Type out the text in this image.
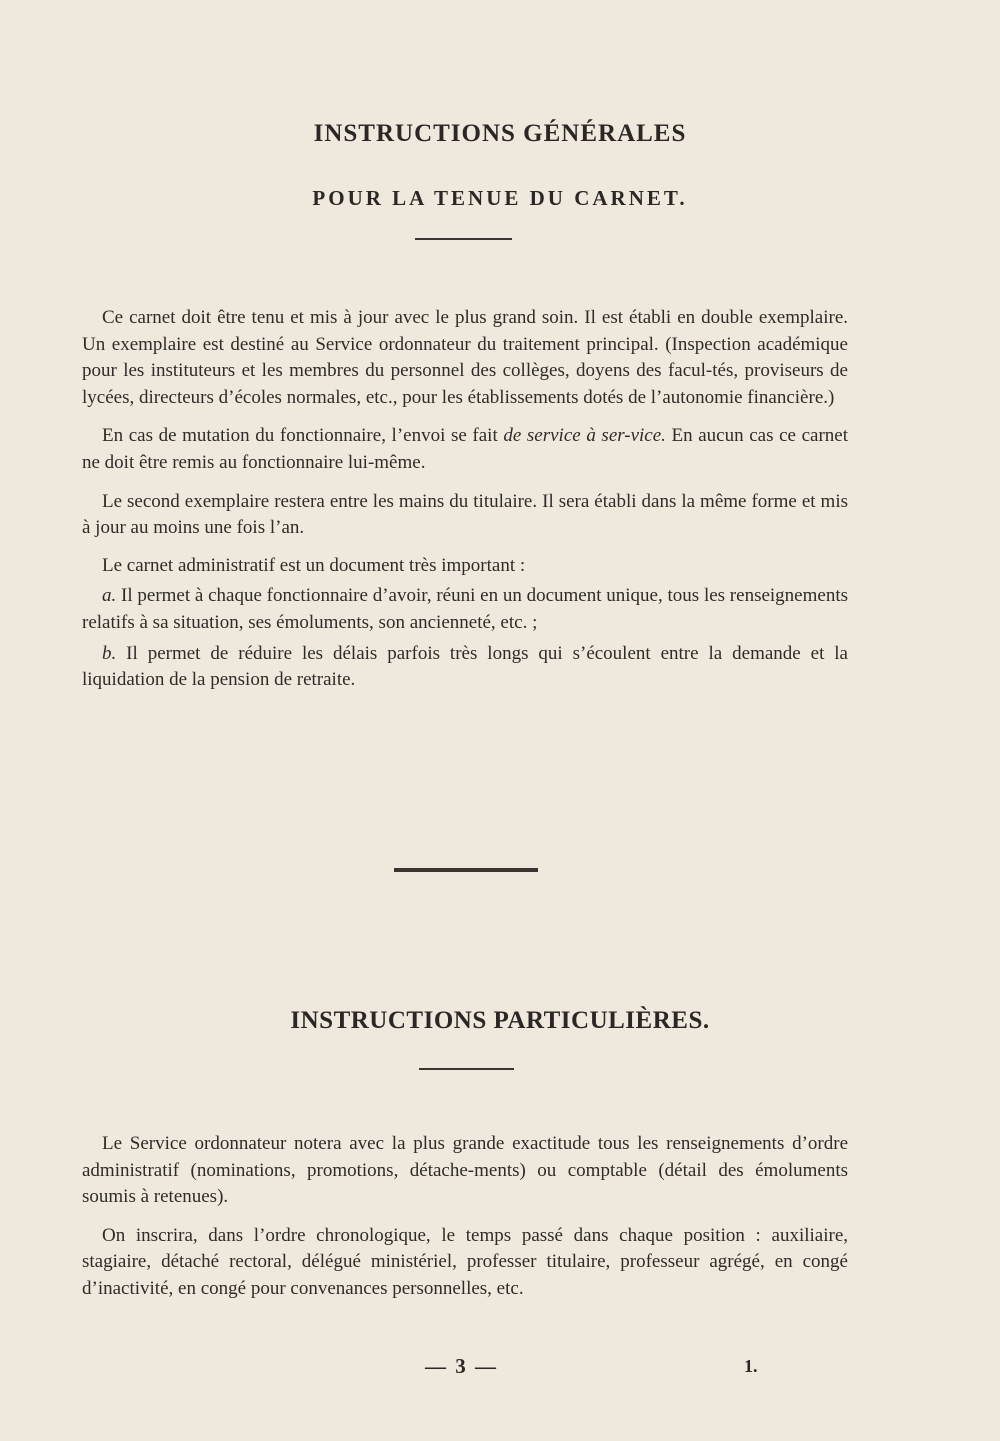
INSTRUCTIONS GÉNÉRALES
POUR LA TENUE DU CARNET.

Ce carnet doit être tenu et mis à jour avec le plus grand soin. Il est établi en double exemplaire. Un exemplaire est destiné au Service ordonnateur du traitement principal. (Inspection académique pour les instituteurs et les membres du personnel des collèges, doyens des facul-tés, proviseurs de lycées, directeurs d’écoles normales, etc., pour les établissements dotés de l’autonomie financière.)

En cas de mutation du fonctionnaire, l’envoi se fait de service à ser-vice. En aucun cas ce carnet ne doit être remis au fonctionnaire lui-même.

Le second exemplaire restera entre les mains du titulaire. Il sera établi dans la même forme et mis à jour au moins une fois l’an.

Le carnet administratif est un document très important :

a. Il permet à chaque fonctionnaire d’avoir, réuni en un document unique, tous les renseignements relatifs à sa situation, ses émoluments, son ancienneté, etc. ;

b. Il permet de réduire les délais parfois très longs qui s’écoulent entre la demande et la liquidation de la pension de retraite.

INSTRUCTIONS PARTICULIÈRES.

Le Service ordonnateur notera avec la plus grande exactitude tous les renseignements d’ordre administratif (nominations, promotions, détache-ments) ou comptable (détail des émoluments soumis à retenues).

On inscrira, dans l’ordre chronologique, le temps passé dans chaque position : auxiliaire, stagiaire, détaché rectoral, délégué ministériel, professer titulaire, professeur agrégé, en congé d’inactivité, en congé pour convenances personnelles, etc.

— 3 —	1.
